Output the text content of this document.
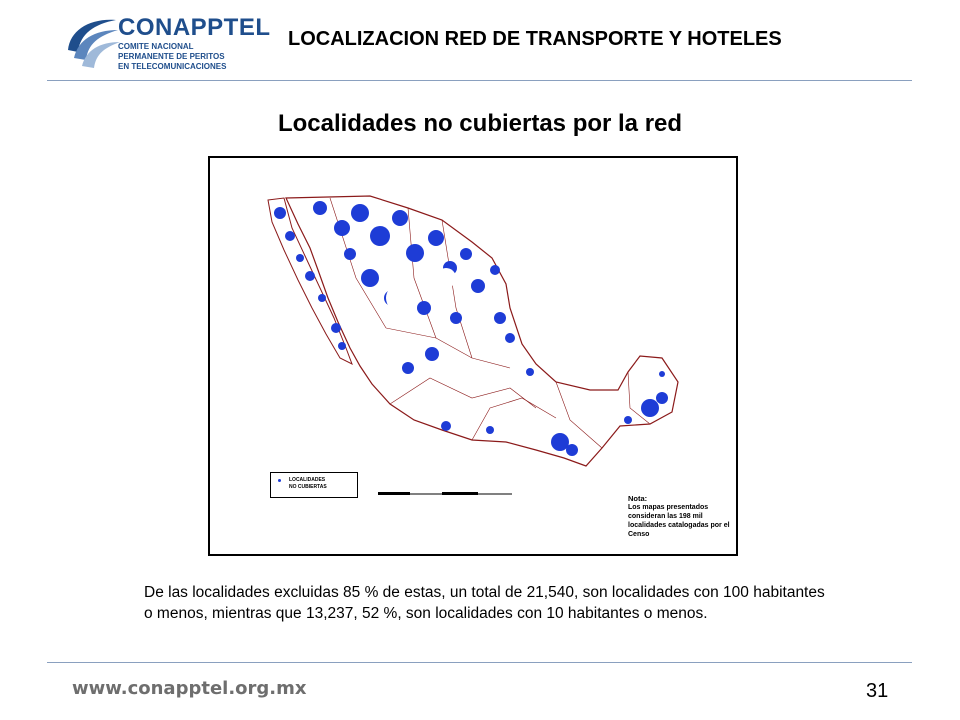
CONAPPTEL
COMITE NACIONAL
PERMANENTE DE PERITOS
EN TELECOMUNICACIONES
LOCALIZACION RED DE TRANSPORTE Y HOTELES
Localidades no cubiertas por la red
LOCALIDADES
NO CUBIERTAS
Nota:
Los mapas presentados consideran las 198 mil localidades catalogadas por el Censo
De las localidades excluidas 85 % de estas, un total de 21,540, son localidades con 100 habitantes o menos, mientras que 13,237, 52 %, son localidades con 10 habitantes o menos.
www.conapptel.org.mx	31
